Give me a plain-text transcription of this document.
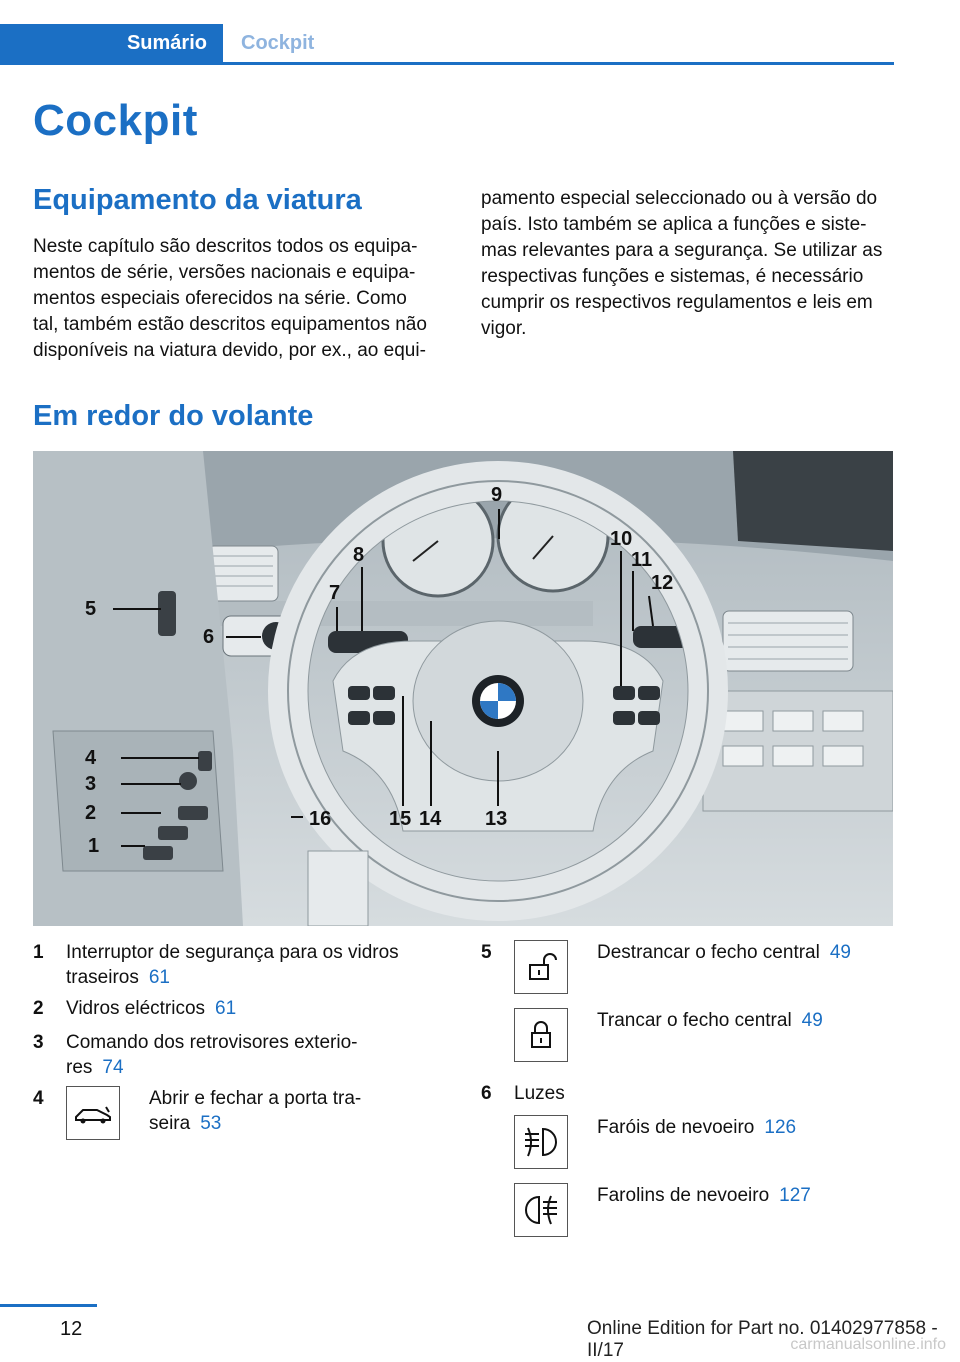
Sumário	Cockpit
Cockpit
Equipamento da viatura

Neste capítulo são descritos todos os equipa‐
mentos de série, versões nacionais e equipa‐
mentos especiais oferecidos na série. Como
tal, também estão descritos equipamentos não
disponíveis na viatura devido, por ex., ao equi‐

pamento especial seleccionado ou à versão do
país. Isto também se aplica a funções e siste‐
mas relevantes para a segurança. Se utilizar as
respectivas funções e sistemas, é necessário
cumprir os respectivos regulamentos e leis em
vigor.

Em redor do volante
1
2
3
4
5
6
7
8
9
10
11
12
13
14
15
16
1 Interruptor de segurança para os vidros
traseiros 61
2 Vidros eléctricos 61
3 Comando dos retrovisores exterio‐
res 74
4	Abrir e fechar a porta tra‐
seira 53
5	Destrancar o fecho central 49
Trancar o fecho central 49
6 Luzes
Faróis de nevoeiro 126
Farolins de nevoeiro 127
12	Online Edition for Part no. 01402977858 - II/17	carmanualsonline.info
